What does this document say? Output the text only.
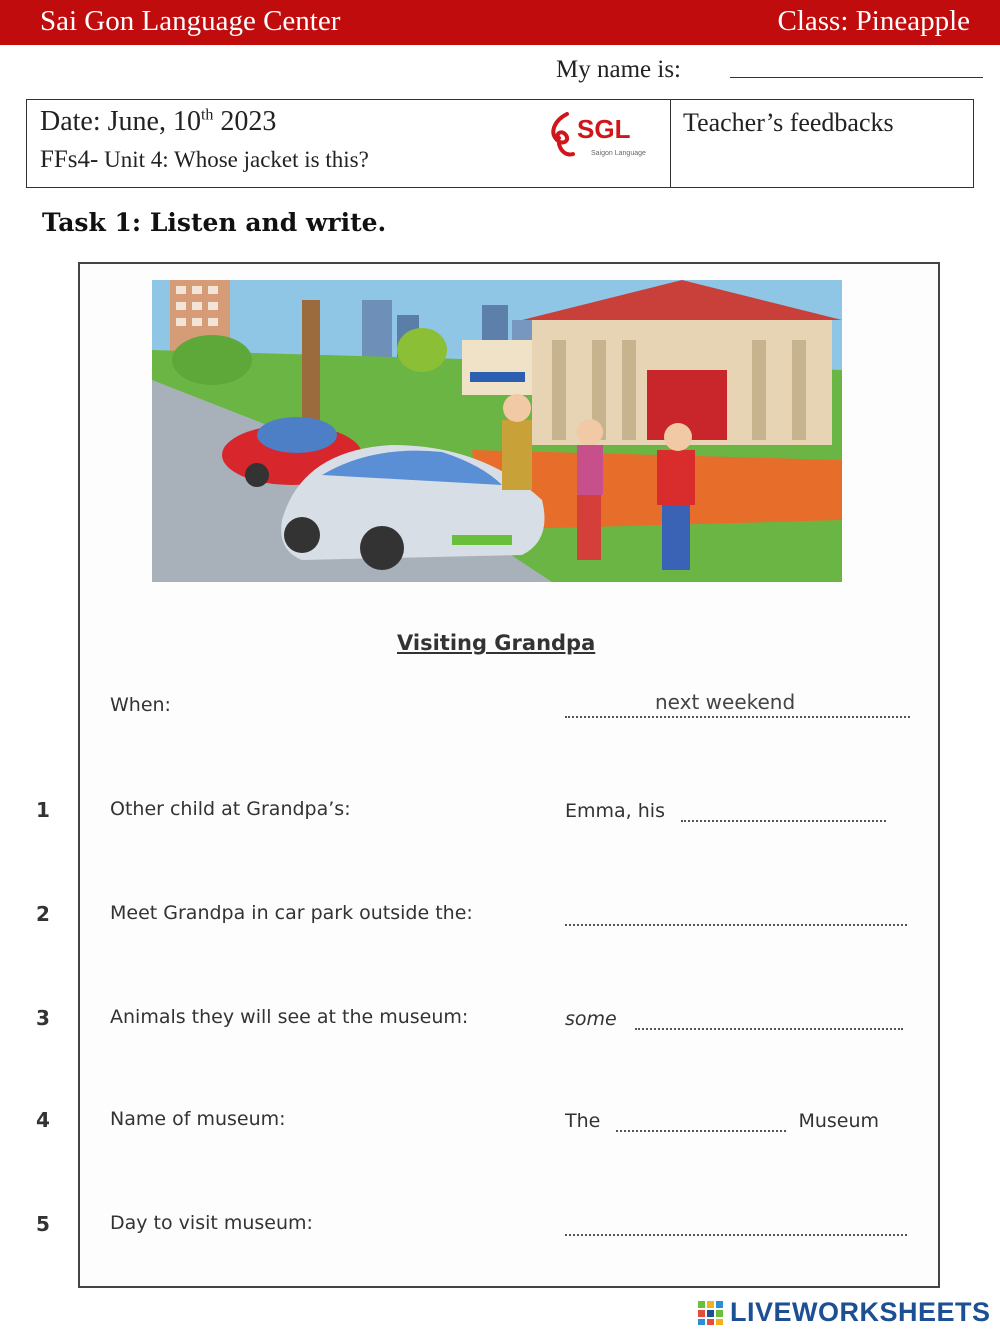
Sai Gon Language Center	Class: Pineapple
My name is:
Date: June, 10th 2023
FFs4- Unit 4: Whose jacket is this?
SGL
Saigon Language
Teacher’s feedbacks
Task 1: Listen and write.
Visiting Grandpa
When:	next weekend
1	Other child at Grandpa’s:	Emma, his
2	Meet Grandpa in car park outside the:
3	Animals they will see at the museum:	some
4	Name of museum:	The	Museum
5	Day to visit museum:
LIVEWORKSHEETS
